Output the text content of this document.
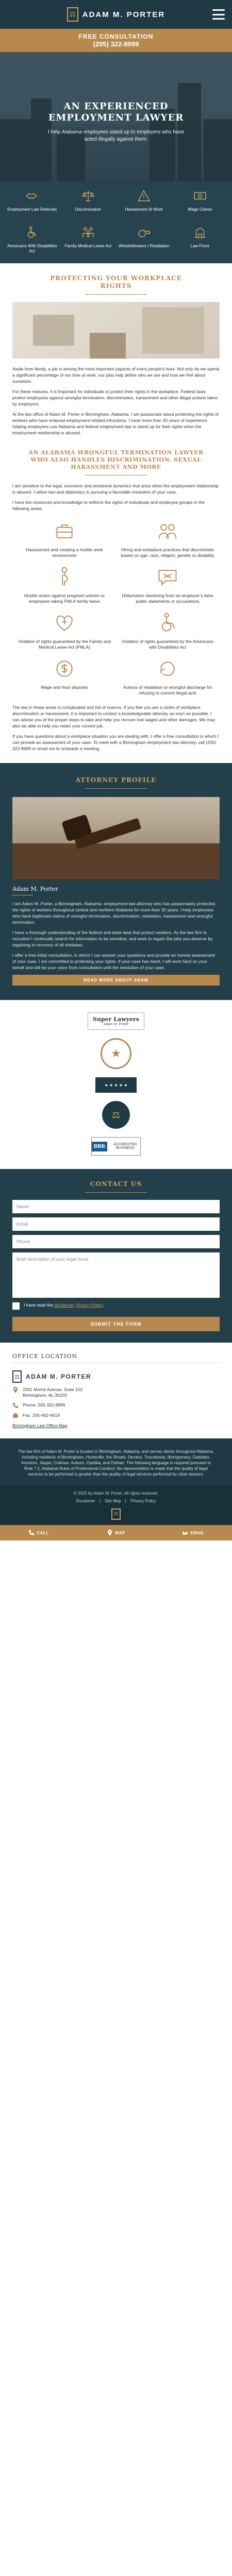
⚖ ADAM M. PORTER
FREE CONSULTATION
(205) 322-8999
AN EXPERIENCED
EMPLOYMENT LAWYER
I help Alabama employees stand up to employers who have acted illegally against them.
Employment Law Referrals	Discrimination	Harassment At Work	Wage Claims
Americans With Disabilities Act
Family Medical Leave Act	Whistleblowers / Retaliation	Law Firms
PROTECTING YOUR WORKPLACE
RIGHTS

Aside from family, a job is among the most important aspects of every people's lives. Not only do we spend a significant percentage of our time at work, our jobs help define who we are and how we feel about ourselves.

For these reasons, it is important for individuals to protect their rights in the workplace. Federal laws protect employees against wrongful termination, discrimination, harassment and other illegal actions taken by employers.

At the law office of Adam M. Porter in Birmingham, Alabama, I am passionate about protecting the rights of workers who have endured employment-related infractions. I have more than 30 years of experience helping employees use Alabama and federal employment law to stand up for their rights when the employment relationship is abused.

AN ALABAMA WRONGFUL TERMINATION LAWYER WHO ALSO HANDLES DISCRIMINATION, SEXUAL HARASSMENT AND MORE

I am sensitive to the legal, economic and emotional dynamics that arise when the employment relationship is abused. I utilize tact and diplomacy in pursuing a favorable resolution of your case.

I have the resources and knowledge to enforce the rights of individuals and employee groups in the following areas:

Harassment and creating a hostile work environment
Hiring and workplace practices that discriminate based on age, race, religion, gender or disability
Hostile action against pregnant women or employees taking FMLA family leave
Defamation stemming from an employer's false public statements or accusations
Violation of rights guaranteed by the Family and Medical Leave Act (FMLA)
Violation of rights guaranteed by the Americans with Disabilities Act
Wage and hour disputes	Actions of retaliation or wrongful discharge for refusing to commit illegal acts

The law in these areas is complicated and full of nuance. If you feel you are a victim of workplace discrimination or harassment, it is important to contact a knowledgeable attorney as soon as possible. I can advise you of the proper steps to take and help you recover lost wages and other damages. We may also be able to help you retain your current job.

If you have questions about a workplace situation you are dealing with, I offer a free consultation in which I can provide an assessment of your case. To meet with a Birmingham employment law attorney, call (205) 322-8999 or email me to schedule a meeting.

ATTORNEY PROFILE
Adam M. Porter

I am Adam M. Porter, a Birmingham, Alabama, employment law attorney who has passionately protected the rights of workers throughout central and northern Alabama for more than 30 years. I help employees who have legitimate claims of wrongful termination, discrimination, retaliation, harassment and wrongful termination.

I have a thorough understanding of the federal and state laws that protect workers. As the law firm is recruited I continually search for information to be sensitive, and work to regain the jobs you deserve by regaining to recovery of all mistakes.

I offer a free initial consultation, in which I can answer your questions and provide an honest assessment of your case. I am committed to protecting your rights. If your case has merit, I will work hard on your behalf and will be your voice from consultation until the resolution of your case.

READ MORE ABOUT ADAM
Super Lawyers
Adam M. Porter
★
★ ★ ★ ★ ★
⚖
BBB	ACCREDITED BUSINESS
CONTACT US
Name
Email
Phone
Brief description of your legal issue
I have read the disclaimer, Privacy Policy.
SUBMIT THE FORM
OFFICE LOCATION
⚖	ADAM M. PORTER
2301 Morris Avenue, Suite 102
Birmingham, AL 35203
Phone: 205-322-8999
Fax: 205-402-4619
Birmingham Law Office Map

The law firm of Adam M. Porter is located in Birmingham, Alabama, and serves clients throughout Alabama, including residents of Birmingham, Huntsville, the Shoals, Decatur, Tuscaloosa, Montgomery, Gadsden, Anniston, Jasper, Cullman, Auburn, Opelika, and Dothan. The following language is required pursuant to Rule 7.2, Alabama Rules of Professional Conduct: No representation is made that the quality of legal services to be performed is greater than the quality of legal services performed by other lawyers.

© 2025 by Adam M. Porter. All rights reserved.
Disclaimer | Site Map | Privacy Policy
⚖
CALL	MAP	EMAIL
